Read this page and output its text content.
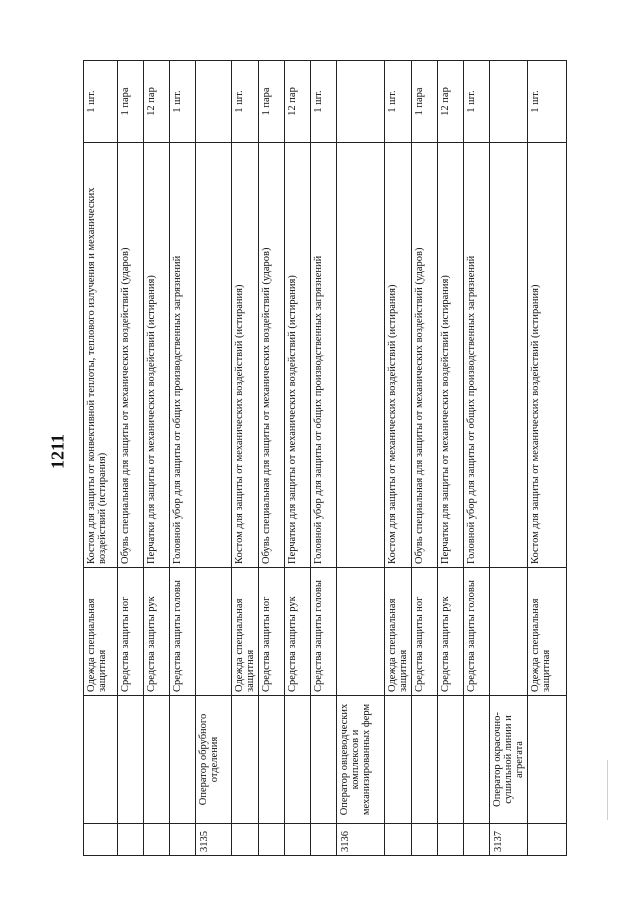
1211
		Одежда специальная защитная	Костом для защиты от конвективной теплоты, теплового излучения и механических воздействий (истирания)	1 шт.
		Средства защиты ног	Обувь специальная для защиты от механических воздействий (ударов)	1 пара
		Средства защиты рук	Перчатки для защиты от механических воздействий (истирания)	12 пар
		Средства защиты головы	Головной убор для защиты от общих производственных загрязнений	1 шт.
3135	Оператор обрубного отделения			
		Одежда специальная защитная	Костом для защиты от механических воздействий (истирания)	1 шт.
		Средства защиты ног	Обувь специальная для защиты от механических воздействий (ударов)	1 пара
		Средства защиты рук	Перчатки для защиты от механических воздействий (истирания)	12 пар
		Средства защиты головы	Головной убор для защиты от общих производственных загрязнений	1 шт.
3136	Оператор овцеводческих комплексов и механизированных ферм			
		Одежда специальная защитная	Костом для защиты от механических воздействий (истирания)	1 шт.
		Средства защиты ног	Обувь специальная для защиты от механических воздействий (ударов)	1 пара
		Средства защиты рук	Перчатки для защиты от механических воздействий (истирания)	12 пар
		Средства защиты головы	Головной убор для защиты от общих производственных загрязнений	1 шт.
3137	Оператор окрасочно-сушильной линии и агрегата			
		Одежда специальная защитная	Костом для защиты от механических воздействий (истирания)	1 шт.
